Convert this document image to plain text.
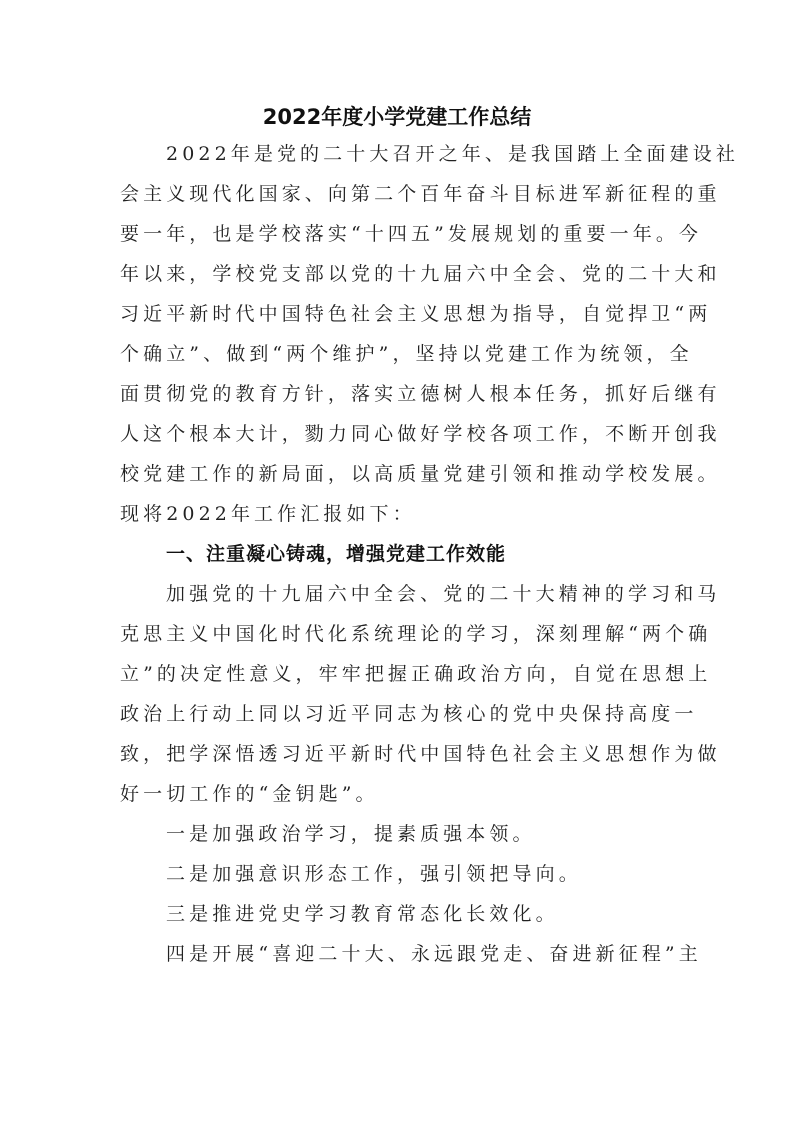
2022年度小学党建工作总结
2022年是党的二十大召开之年、是我国踏上全面建设社
会主义现代化国家、向第二个百年奋斗目标进军新征程的重
要一年，也是学校落实“十四五”发展规划的重要一年。今
年以来，学校党支部以党的十九届六中全会、党的二十大和
习近平新时代中国特色社会主义思想为指导，自觉捍卫“两
个确立”、做到“两个维护”，坚持以党建工作为统领，全
面贯彻党的教育方针，落实立德树人根本任务，抓好后继有
人这个根本大计，勠力同心做好学校各项工作，不断开创我
校党建工作的新局面，以高质量党建引领和推动学校发展。
现将2022年工作汇报如下：
一、注重凝心铸魂，增强党建工作效能
加强党的十九届六中全会、党的二十大精神的学习和马
克思主义中国化时代化系统理论的学习，深刻理解“两个确
立”的决定性意义，牢牢把握正确政治方向，自觉在思想上
政治上行动上同以习近平同志为核心的党中央保持高度一
致，把学深悟透习近平新时代中国特色社会主义思想作为做
好一切工作的“金钥匙”。
一是加强政治学习，提素质强本领。
二是加强意识形态工作，强引领把导向。
三是推进党史学习教育常态化长效化。
四是开展“喜迎二十大、永远跟党走、奋进新征程”主
